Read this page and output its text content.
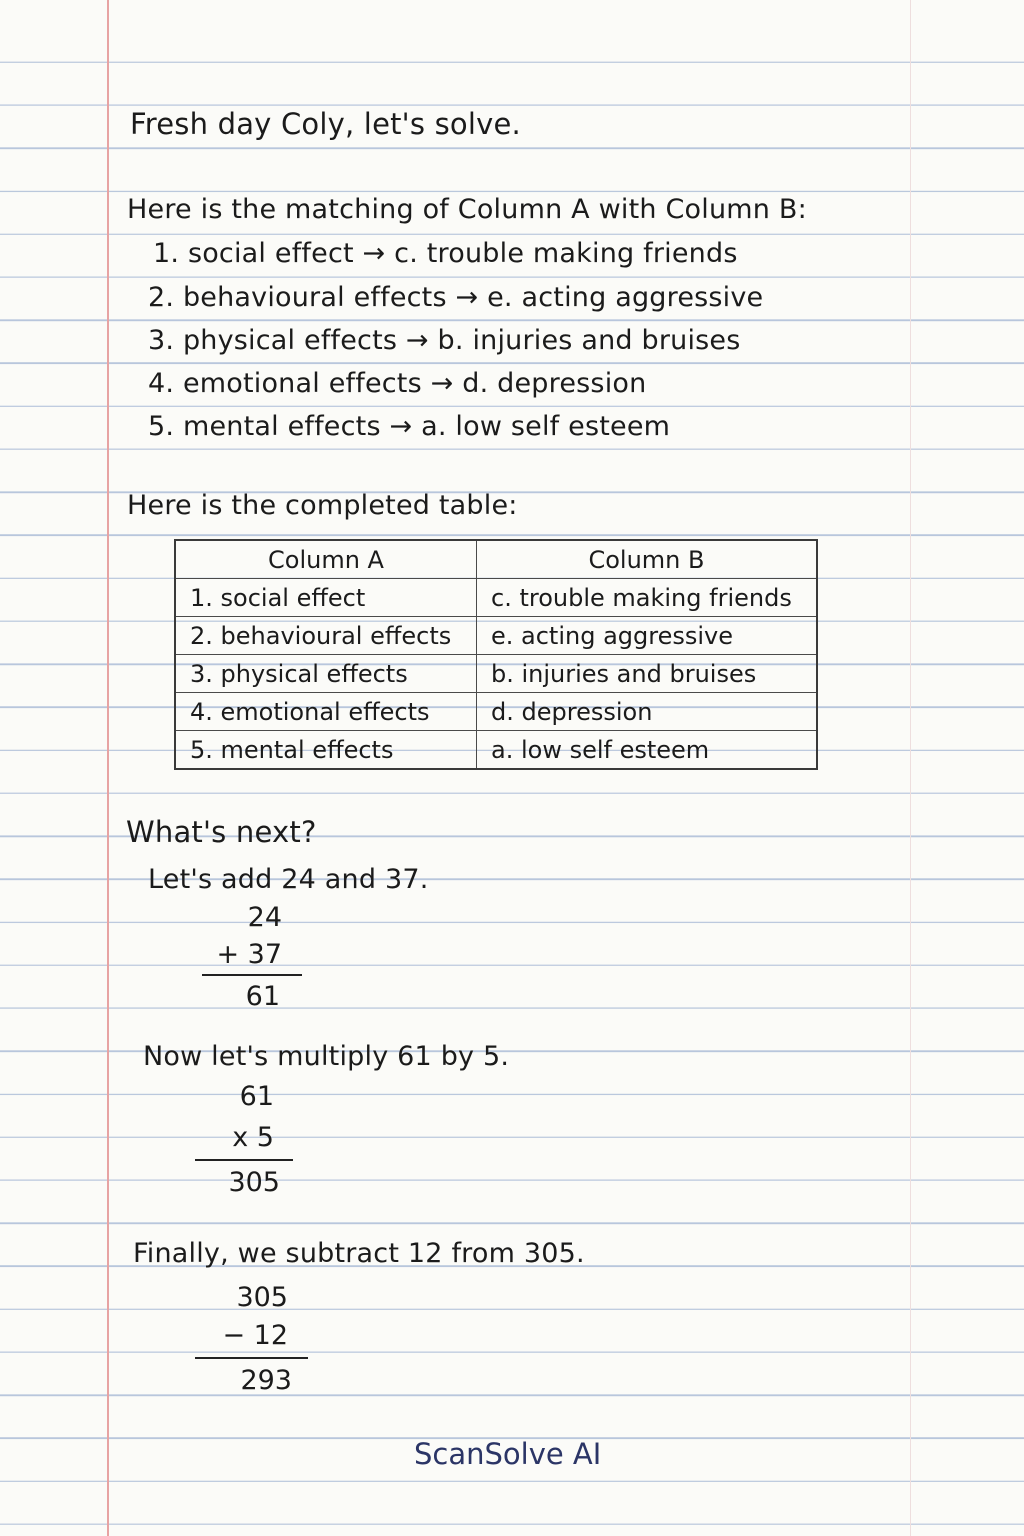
Fresh day Coly, let's solve.
Here is the matching of Column A with Column B:
1. social effect → c. trouble making friends
2. behavioural effects → e. acting aggressive
3. physical effects → b. injuries and bruises
4. emotional effects → d. depression
5. mental effects → a. low self esteem
Here is the completed table:
Column A	Column B
1. social effect	c. trouble making friends
2. behavioural effects	e. acting aggressive
3. physical effects	b. injuries and bruises
4. emotional effects	d. depression
5. mental effects	a. low self esteem
What's next?
Let's add 24 and 37.
24
+ 37
61
Now let's multiply 61 by 5.
61
x 5
305
Finally, we subtract 12 from 305.
305
− 12
293
ScanSolve AI
